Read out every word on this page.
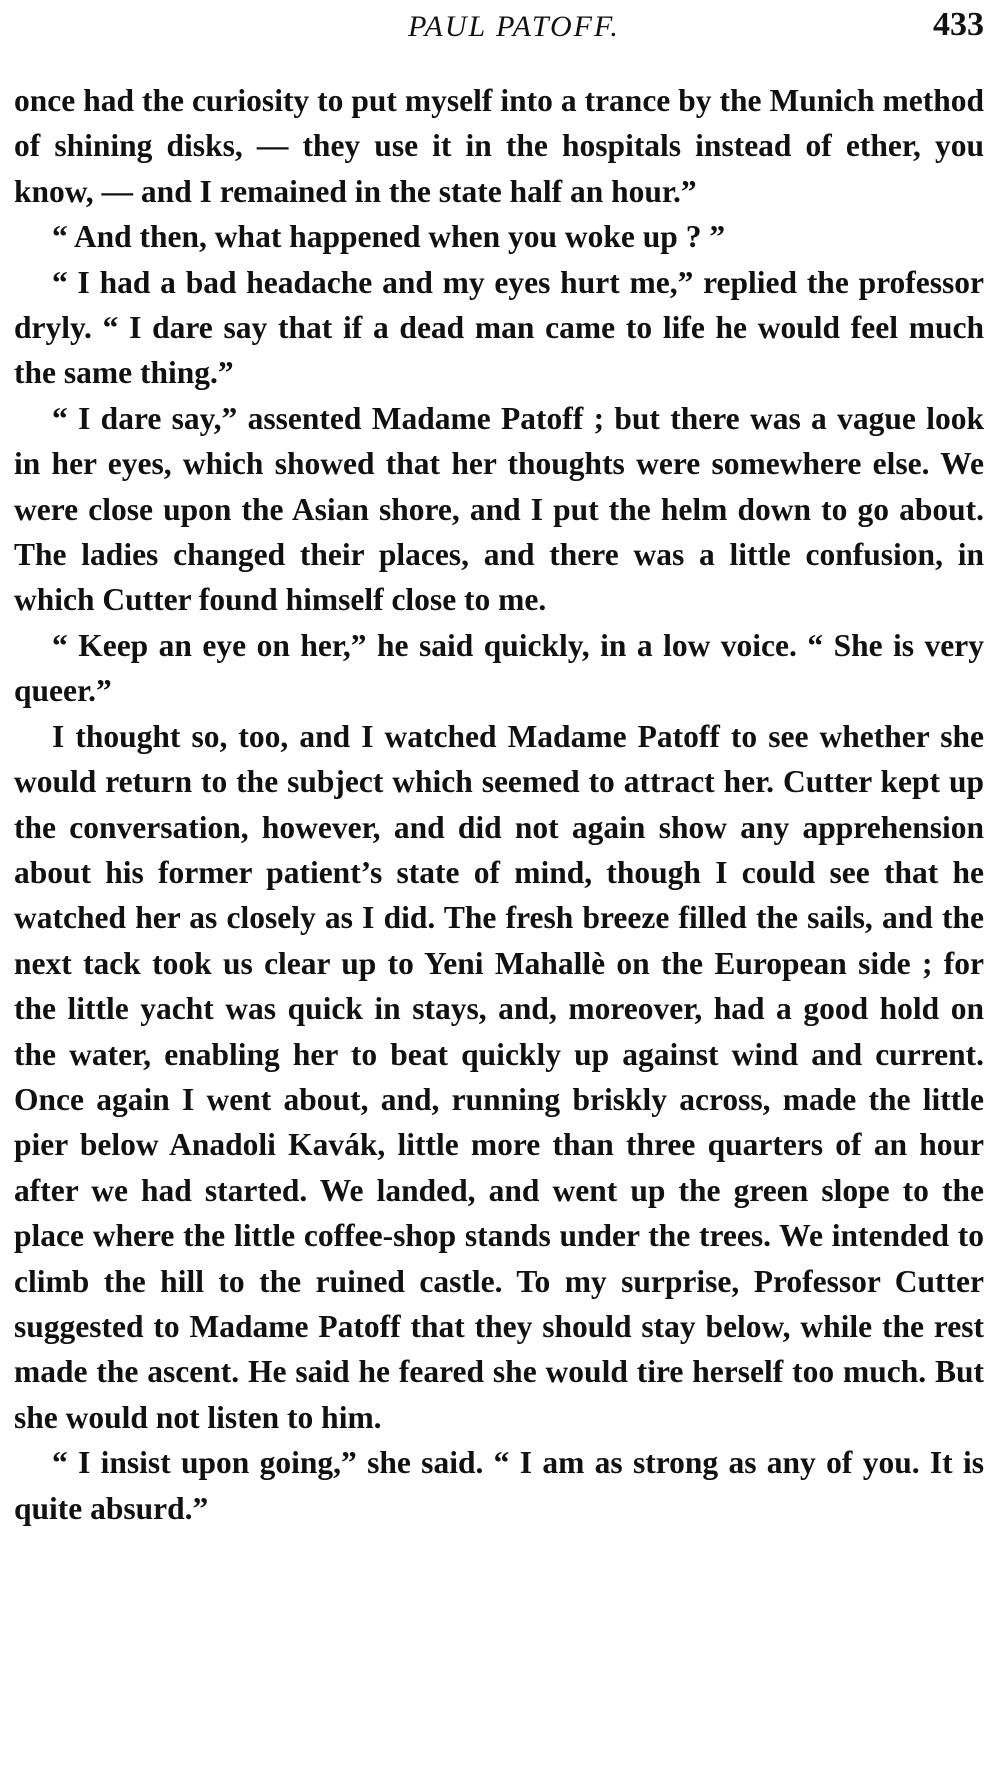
PAUL PATOFF.	433

once had the curiosity to put myself into a trance by the Munich method of shining disks, — they use it in the hospitals instead of ether, you know, — and I remained in the state half an hour.”

“ And then, what happened when you woke up ? ”

“ I had a bad headache and my eyes hurt me,” replied the professor dryly. “ I dare say that if a dead man came to life he would feel much the same thing.”

“ I dare say,” assented Madame Patoff ; but there was a vague look in her eyes, which showed that her thoughts were somewhere else. We were close upon the Asian shore, and I put the helm down to go about. The ladies changed their places, and there was a little confusion, in which Cutter found himself close to me.

“ Keep an eye on her,” he said quickly, in a low voice. “ She is very queer.”

I thought so, too, and I watched Madame Patoff to see whether she would return to the subject which seemed to attract her. Cutter kept up the conversation, however, and did not again show any apprehension about his former patient’s state of mind, though I could see that he watched her as closely as I did. The fresh breeze filled the sails, and the next tack took us clear up to Yeni Mahallè on the European side ; for the little yacht was quick in stays, and, moreover, had a good hold on the water, enabling her to beat quickly up against wind and current. Once again I went about, and, running briskly across, made the little pier below Anadoli Kavák, little more than three quarters of an hour after we had started. We landed, and went up the green slope to the place where the little coffee-shop stands under the trees. We intended to climb the hill to the ruined castle. To my surprise, Professor Cutter suggested to Madame Patoff that they should stay below, while the rest made the ascent. He said he feared she would tire herself too much. But she would not listen to him.

“ I insist upon going,” she said. “ I am as strong as any of you. It is quite absurd.”
